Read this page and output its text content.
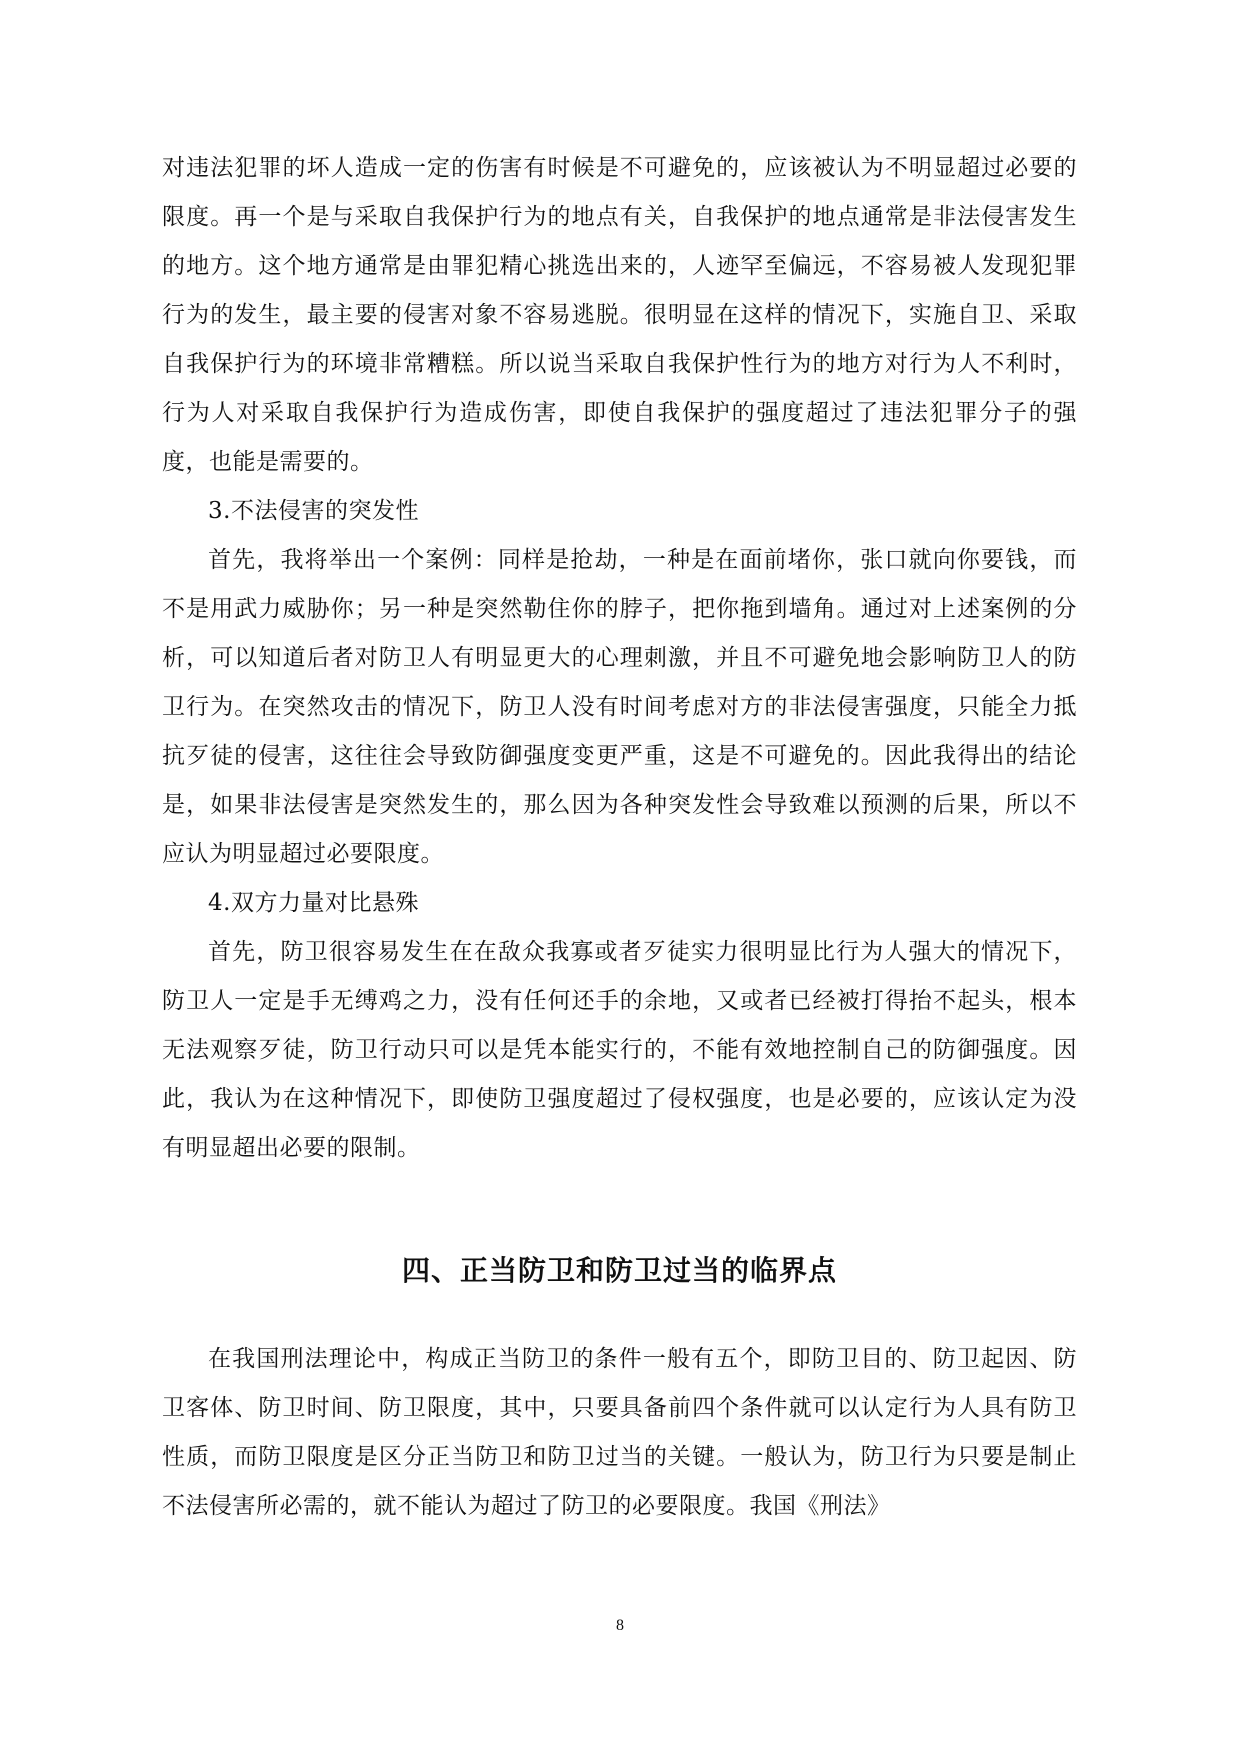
对违法犯罪的坏人造成一定的伤害有时候是不可避免的，应该被认为不明显超过必要的限度。再一个是与采取自我保护行为的地点有关，自我保护的地点通常是非法侵害发生的地方。这个地方通常是由罪犯精心挑选出来的，人迹罕至偏远，不容易被人发现犯罪行为的发生，最主要的侵害对象不容易逃脱。很明显在这样的情况下，实施自卫、采取自我保护行为的环境非常糟糕。所以说当采取自我保护性行为的地方对行为人不利时，行为人对采取自我保护行为造成伤害，即使自我保护的强度超过了违法犯罪分子的强度，也能是需要的。

3.不法侵害的突发性

首先，我将举出一个案例：同样是抢劫，一种是在面前堵你，张口就向你要钱，而不是用武力威胁你；另一种是突然勒住你的脖子，把你拖到墙角。通过对上述案例的分析，可以知道后者对防卫人有明显更大的心理刺激，并且不可避免地会影响防卫人的防卫行为。在突然攻击的情况下，防卫人没有时间考虑对方的非法侵害强度，只能全力抵抗歹徒的侵害，这往往会导致防御强度变更严重，这是不可避免的。因此我得出的结论是，如果非法侵害是突然发生的，那么因为各种突发性会导致难以预测的后果，所以不应认为明显超过必要限度。

4.双方力量对比悬殊

首先，防卫很容易发生在在敌众我寡或者歹徒实力很明显比行为人强大的情况下，防卫人一定是手无缚鸡之力，没有任何还手的余地，又或者已经被打得抬不起头，根本无法观察歹徒，防卫行动只可以是凭本能实行的，不能有效地控制自己的防御强度。因此，我认为在这种情况下，即使防卫强度超过了侵权强度，也是必要的，应该认定为没有明显超出必要的限制。

四、正当防卫和防卫过当的临界点

在我国刑法理论中，构成正当防卫的条件一般有五个，即防卫目的、防卫起因、防卫客体、防卫时间、防卫限度，其中，只要具备前四个条件就可以认定行为人具有防卫性质，而防卫限度是区分正当防卫和防卫过当的关键。一般认为，防卫行为只要是制止不法侵害所必需的，就不能认为超过了防卫的必要限度。我国《刑法》

8
